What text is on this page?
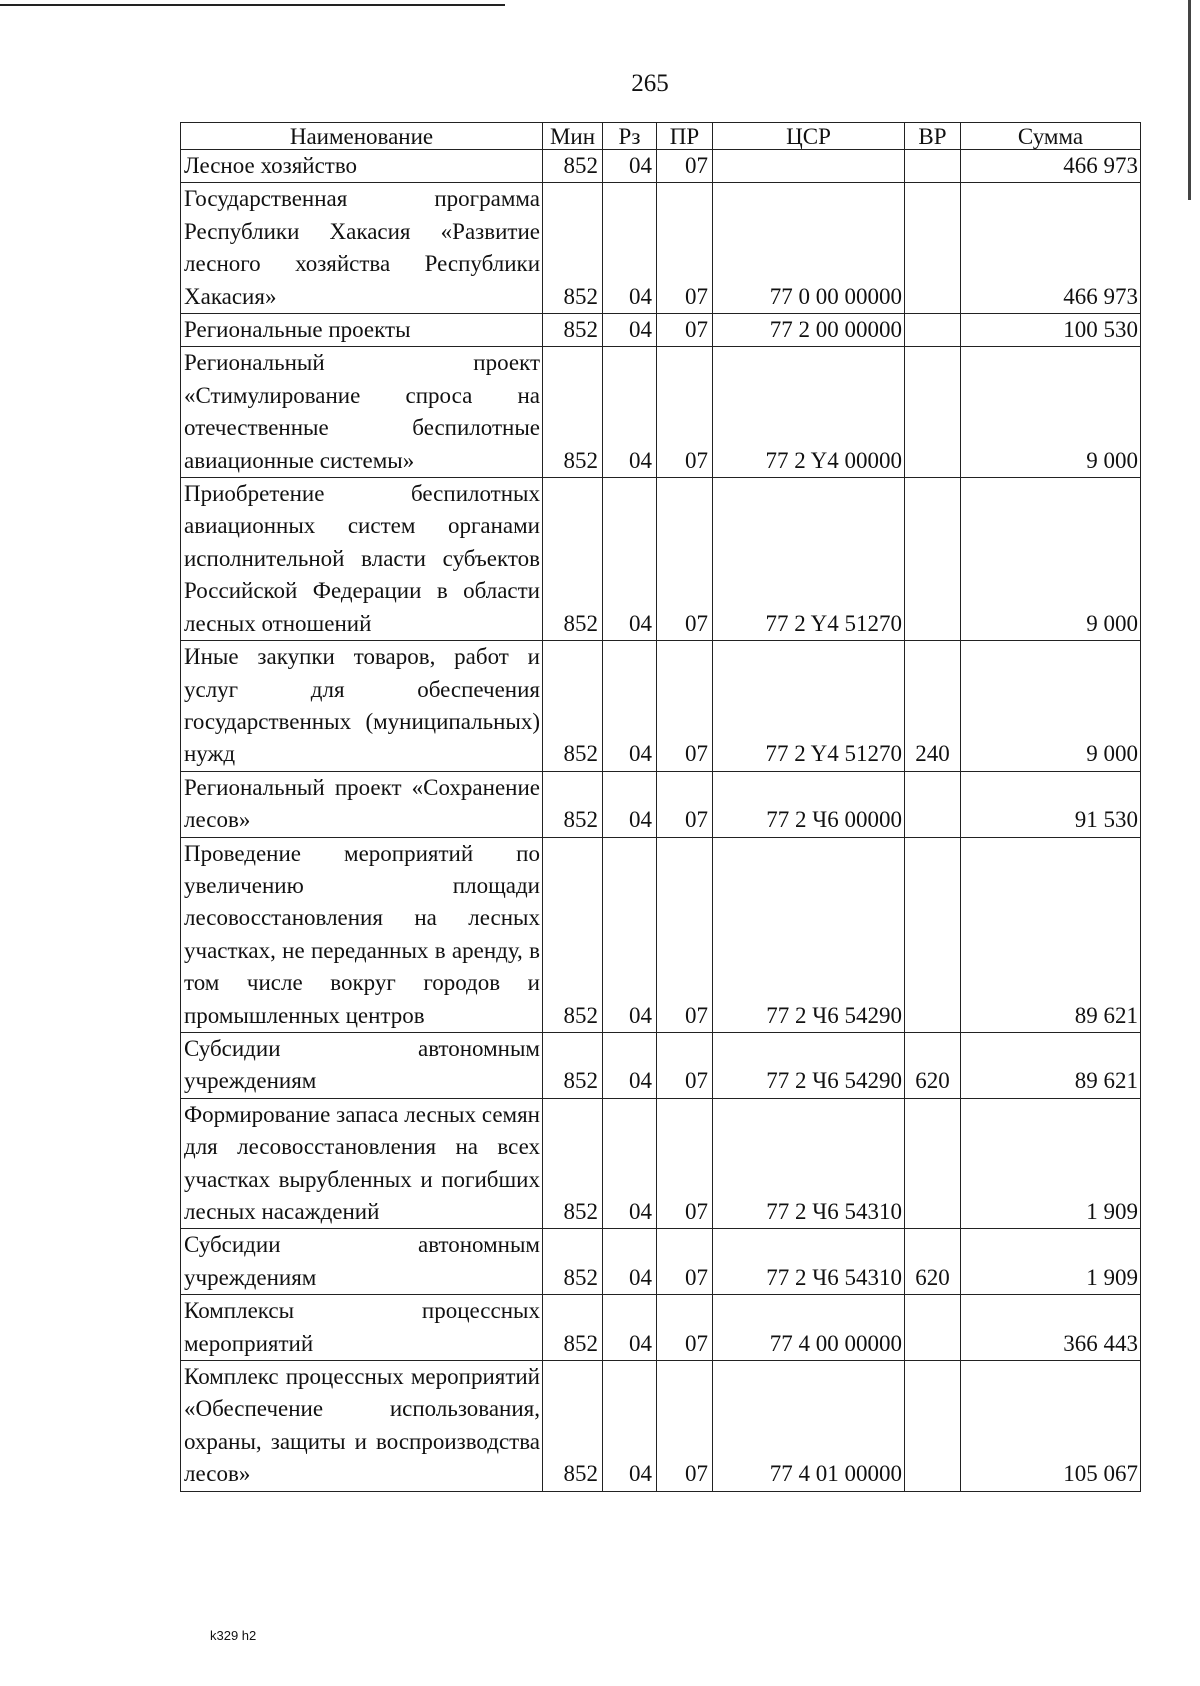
265
Наименование	Мин	Рз	ПР	ЦСР	ВР	Сумма
Лесное хозяйство	852	04	07			466 973
Государственная программа Республики Хакасия «Развитие лесного хозяйства Республики Хакасия»	852	04	07	77 0 00 00000		466 973
Региональные проекты	852	04	07	77 2 00 00000		100 530
Региональный проект «Стимулирование спроса на отечественные беспилотные авиационные системы»	852	04	07	77 2 Y4 00000		9 000
Приобретение беспилотных авиационных систем органами исполнительной власти субъектов Российской Федерации в области лесных отношений	852	04	07	77 2 Y4 51270		9 000
Иные закупки товаров, работ и услуг для обеспечения государственных (муниципальных) нужд	852	04	07	77 2 Y4 51270	240	9 000
Региональный проект «Сохранение лесов»	852	04	07	77 2 Ч6 00000		91 530
Проведение мероприятий по увеличению площади лесовосстановления на лесных участках, не переданных в аренду, в том числе вокруг городов и промышленных центров	852	04	07	77 2 Ч6 54290		89 621
Субсидии автономным учреждениям	852	04	07	77 2 Ч6 54290	620	89 621
Формирование запаса лесных семян для лесовосстановления на всех участках вырубленных и погибших лесных насаждений	852	04	07	77 2 Ч6 54310		1 909
Субсидии автономным учреждениям	852	04	07	77 2 Ч6 54310	620	1 909
Комплексы процессных мероприятий	852	04	07	77 4 00 00000		366 443
Комплекс процессных мероприятий «Обеспечение использования, охраны, защиты и воспроизводства лесов»	852	04	07	77 4 01 00000		105 067
k329 h2
